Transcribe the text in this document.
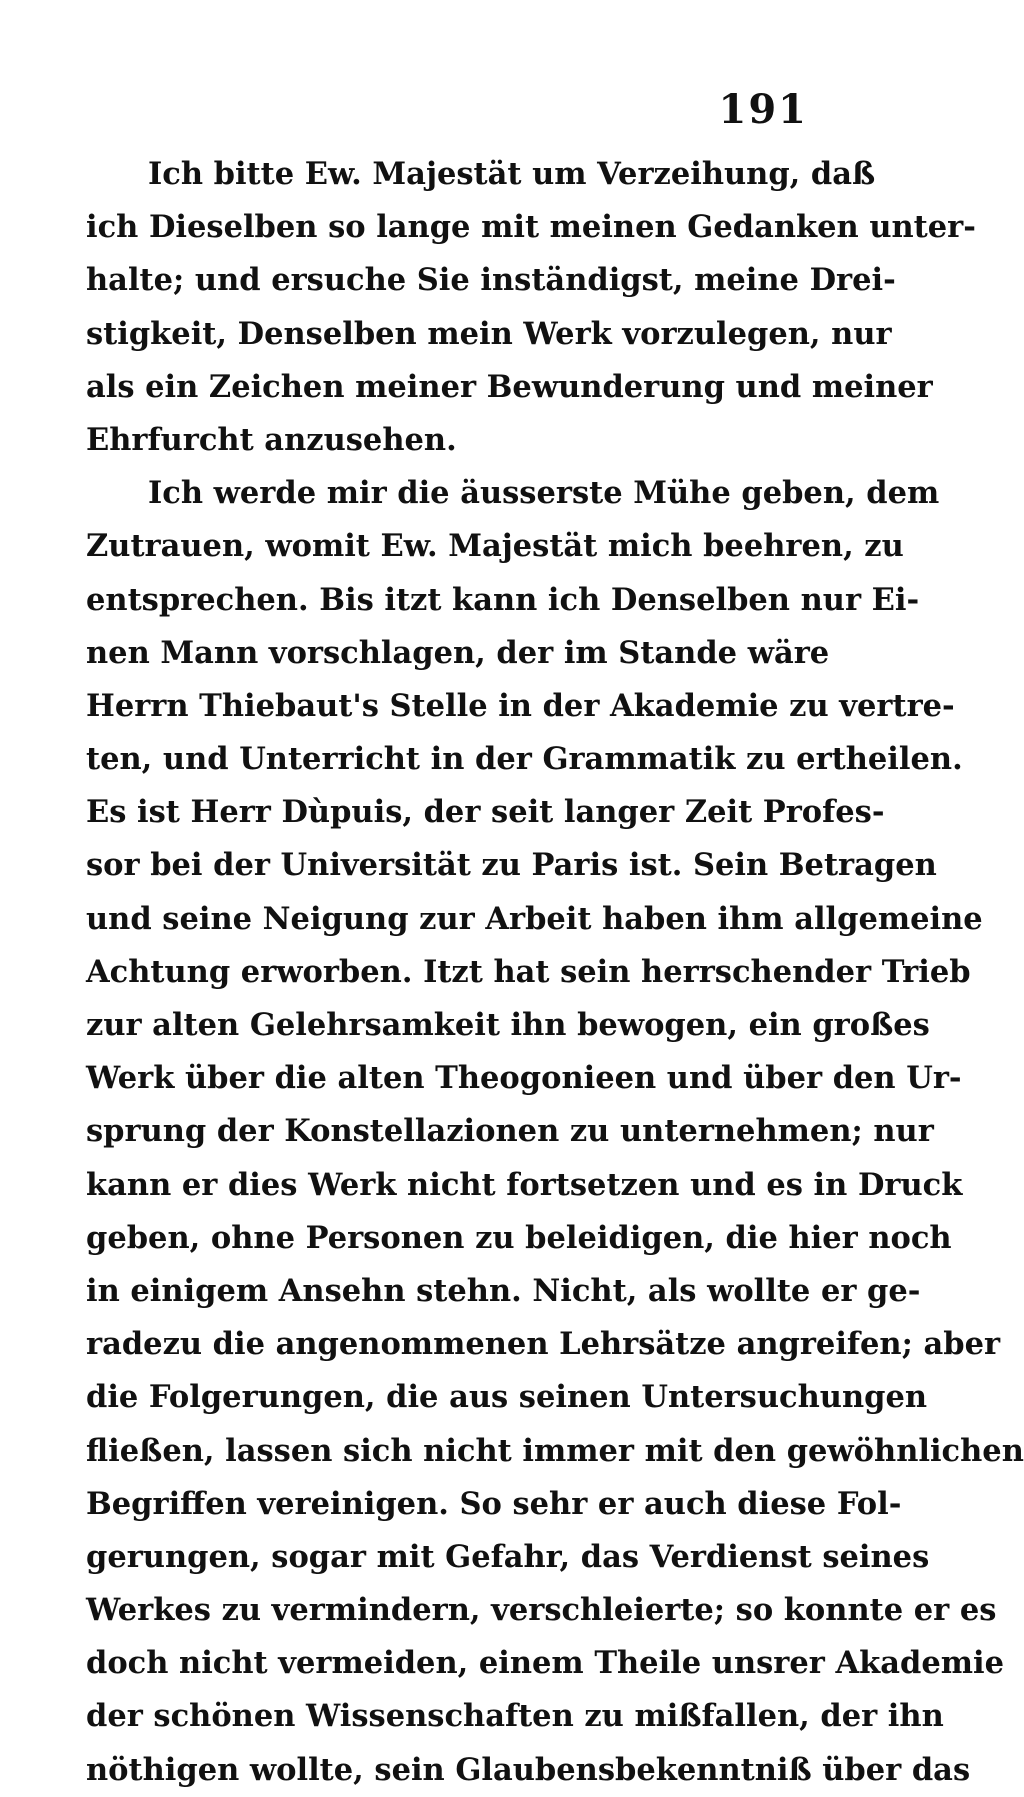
191
Ich bitte Ew. Majestät um Verzeihung, daß
ich Dieselben so lange mit meinen Gedanken unter-
halte; und ersuche Sie inständigst, meine Drei-
stigkeit, Denselben mein Werk vorzulegen, nur
als ein Zeichen meiner Bewunderung und meiner
Ehrfurcht anzusehen.
Ich werde mir die äusserste Mühe geben, dem
Zutrauen, womit Ew. Majestät mich beehren, zu
entsprechen. Bis itzt kann ich Denselben nur Ei-
nen Mann vorschlagen, der im Stande wäre
Herrn Thiebaut's Stelle in der Akademie zu vertre-
ten, und Unterricht in der Grammatik zu ertheilen.
Es ist Herr Dùpuis, der seit langer Zeit Profes-
sor bei der Universität zu Paris ist. Sein Betragen
und seine Neigung zur Arbeit haben ihm allgemeine
Achtung erworben. Itzt hat sein herrschender Trieb
zur alten Gelehrsamkeit ihn bewogen, ein großes
Werk über die alten Theogonieen und über den Ur-
sprung der Konstellazionen zu unternehmen; nur
kann er dies Werk nicht fortsetzen und es in Druck
geben, ohne Personen zu beleidigen, die hier noch
in einigem Ansehn stehn. Nicht, als wollte er ge-
radezu die angenommenen Lehrsätze angreifen; aber
die Folgerungen, die aus seinen Untersuchungen
fließen, lassen sich nicht immer mit den gewöhnlichen
Begriffen vereinigen. So sehr er auch diese Fol-
gerungen, sogar mit Gefahr, das Verdienst seines
Werkes zu vermindern, verschleierte; so konnte er es
doch nicht vermeiden, einem Theile unsrer Akademie
der schönen Wissenschaften zu mißfallen, der ihn
nöthigen wollte, sein Glaubensbekenntniß über das
